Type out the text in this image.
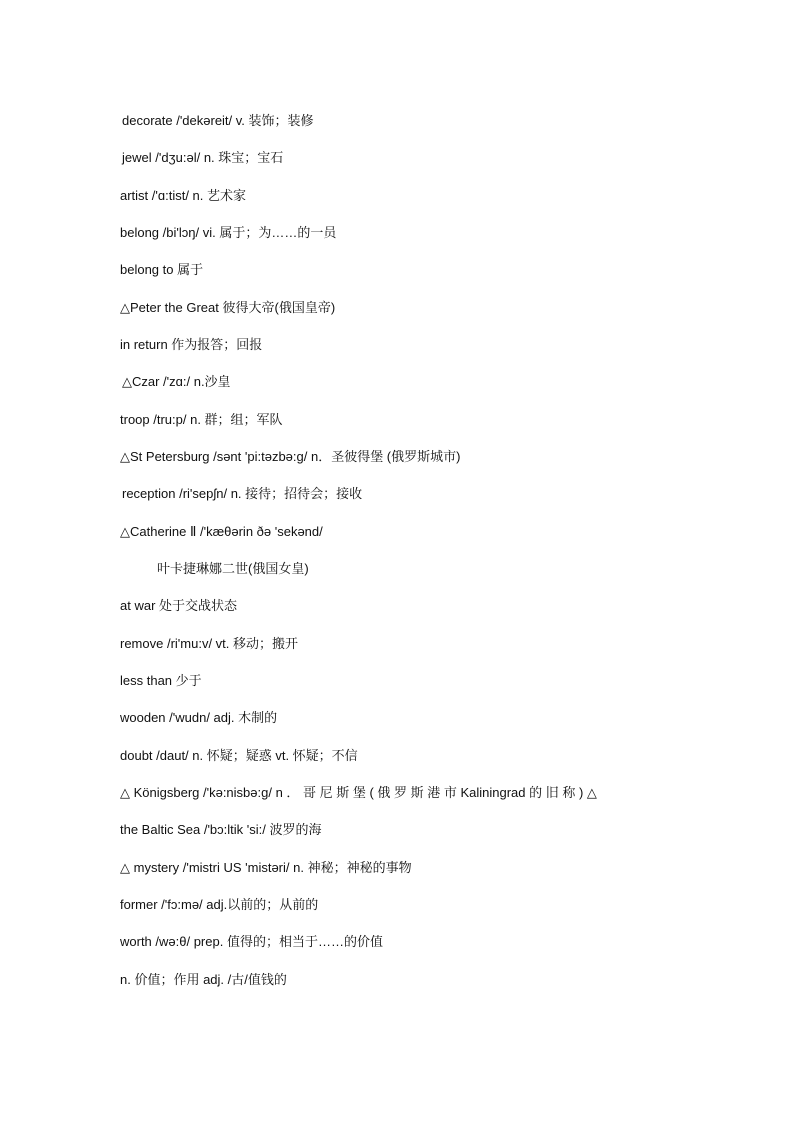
decorate /'dekəreit/ v. 装饰；装修
jewel /'dʒu:əl/ n. 珠宝；宝石
artist /'ɑ:tist/ n. 艺术家
belong /bi'lɔŋ/ vi. 属于；为……的一员
belong to 属于
△Peter the Great 彼得大帝(俄国皇帝)
in return 作为报答；回报
△Czar /'zɑ:/ n.沙皇
troop /tru:p/ n. 群；组；军队
△St Petersburg /sənt 'pi:təzbə:g/ n．圣彼得堡 (俄罗斯城市)
reception /ri'sepʃn/ n. 接待；招待会；接收
△Catherine Ⅱ /'kæθərin ðə 'sekənd/
叶卡捷琳娜二世(俄国女皇)
at war 处于交战状态
remove /ri'mu:v/ vt. 移动；搬开
less than 少于
wooden /'wudn/ adj. 木制的
doubt /daut/ n. 怀疑；疑惑 vt. 怀疑；不信
△ Königsberg /'kə:nisbə:g/ n ． 哥 尼 斯 堡 ( 俄 罗 斯 港 市 Kaliningrad 的 旧 称 ) △
the Baltic Sea /'bɔ:ltik 'si:/ 波罗的海
△ mystery /'mistri US 'mistəri/ n. 神秘；神秘的事物
former /'fɔ:mə/ adj.以前的；从前的
worth /wə:θ/ prep. 值得的；相当于……的价值
n. 价值；作用 adj. /古/值钱的
